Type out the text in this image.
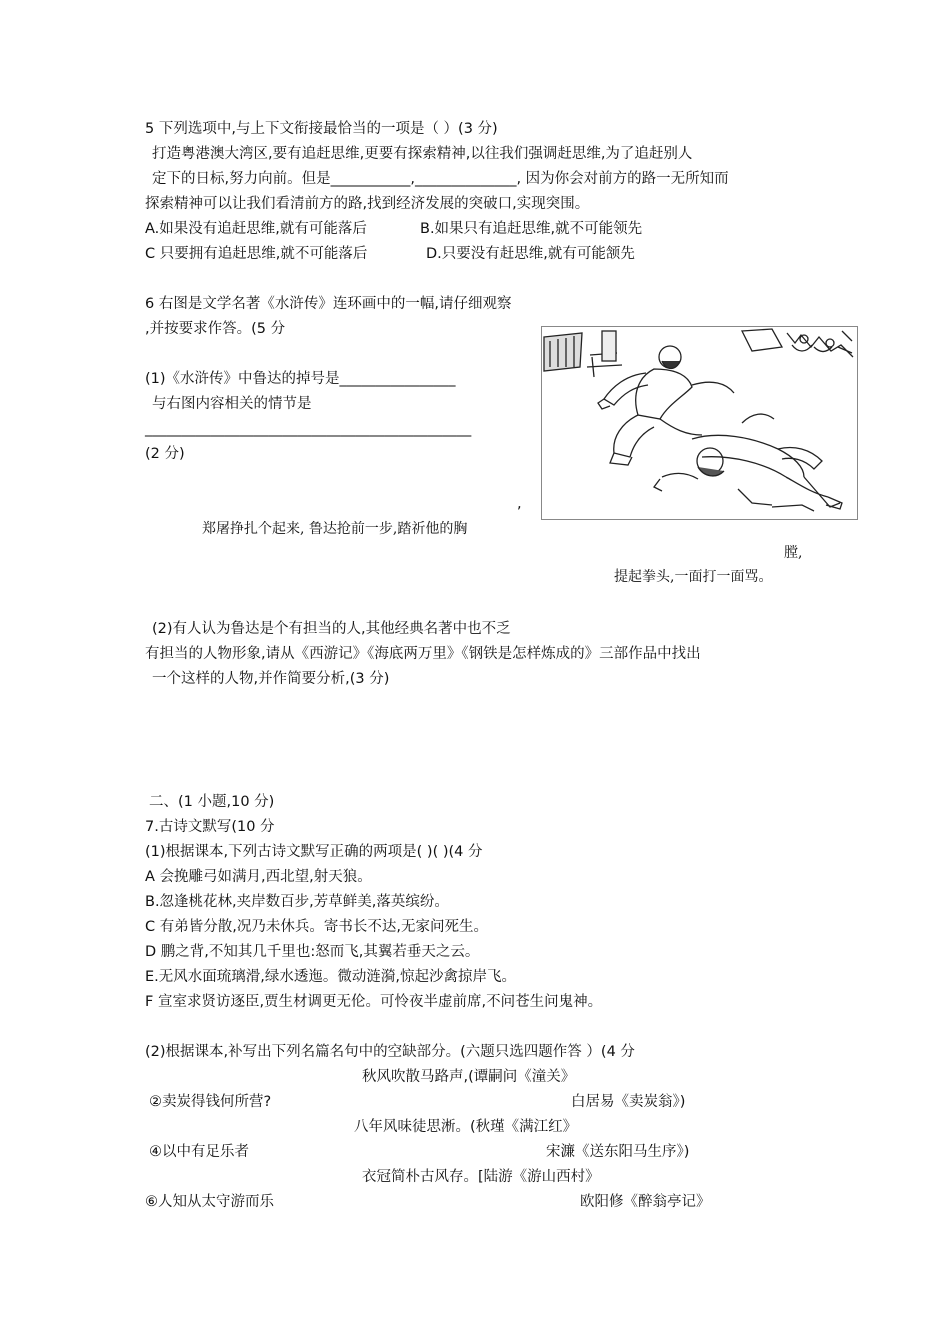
5 下列选项中,与上下文衔接最恰当的一项是（ ）(3 分)
打造粤港澳大湾区,要有追赶思维,更要有探索精神,以往我们强调赶思维,为了追赶别人
定下的日标,努力向前。但是___________,______________, 因为你会对前方的路一无所知而
探索精神可以让我们看清前方的路,找到经济发展的突破口,实现突围。
A.如果没有追赶思维,就有可能落后	B.如果只有追赶思维,就不可能领先
C 只要拥有追赶思维,就不可能落后	D.只要没有赶思维,就有可能颔先
6 右图是文学名著《水浒传》连环画中的一幅,请仔细观察
,并按要求作答。(5 分
(1)《水浒传》中鲁达的掉号是________________
与右图内容相关的情节是
_____________________________________________
(2 分)
,
郑屠挣扎个起来, 鲁达抢前一步,踏祈他的胸
膛,
提起拳头,一面打一面骂。
(2)有人认为鲁达是个有担当的人,其他经典名著中也不乏
有担当的人物形象,请从《西游记》《海底两万里》《钢铁是怎样炼成的》三部作品中找出
一个这样的人物,并作简要分析,(3 分)
二、(1 小题,10 分)
7.古诗文默写(10 分
(1)根据课本,下列古诗文默写正确的两项是( )( )(4 分
A 会挽雕弓如满月,西北望,射天狼。
B.忽逢桃花林,夹岸数百步,芳草鲜美,落英缤纷。
C 有弟皆分散,况乃未休兵。寄书长不达,无家问死生。
D 鹏之背,不知其几千里也:怒而飞,其翼若垂天之云。
E.无风水面琉璃滑,绿水透迤。微动涟漪,惊起沙禽掠岸飞。
F 宣室求贤访逐臣,贾生材调更无伦。可怜夜半虚前席,不问苍生问鬼神。
(2)根据课本,补写出下列名篇名句中的空缺部分。(六题只选四题作答 ）(4 分
秋风吹散马路声,(谭嗣问《潼关》
②卖炭得钱何所营?	白居易《卖炭翁》)
八年风味徒思淅。(秋瑾《满江红》
④以中有足乐者	宋濂《送东阳马生序》)
衣冠简朴古风存。[陆游《游山西村》
⑥人知从太守游而乐	欧阳修《醉翁亭记》
